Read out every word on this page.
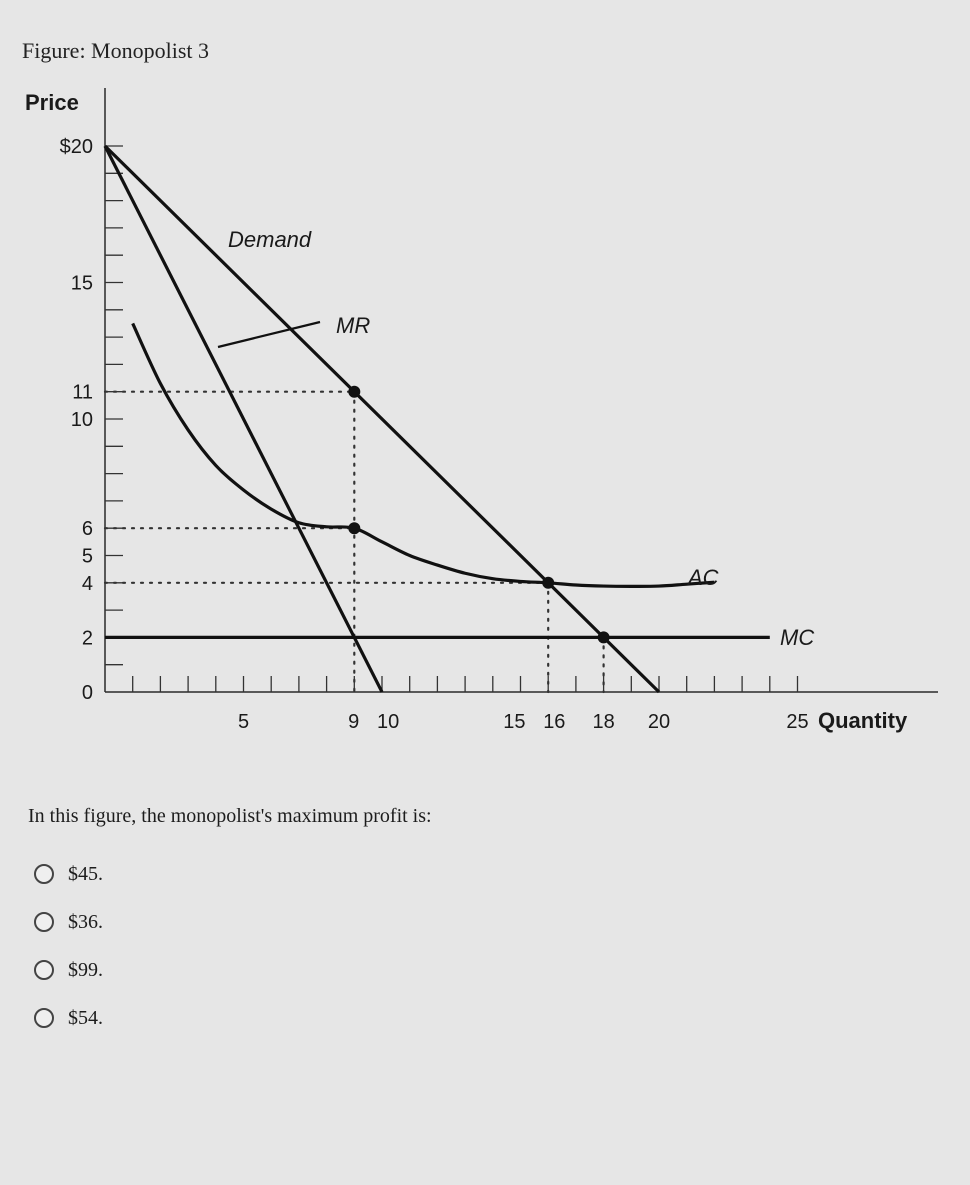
Figure: Monopolist 3
$20
15
11
10
6
5
4
2
0
5	9 10	15 16 18 20	25
Price
Quantity
Demand
MR
AC
MC
In this figure, the monopolist's maximum profit is:
$45.
$36.
$99.
$54.
